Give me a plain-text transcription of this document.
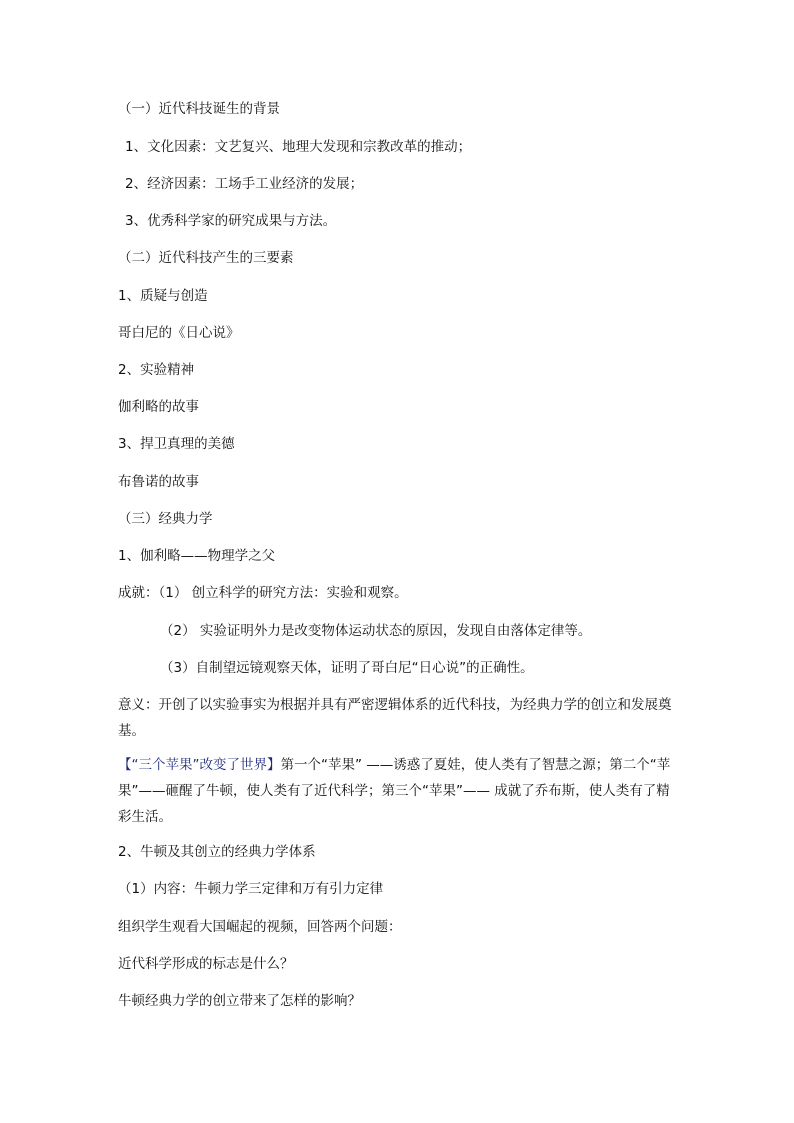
（一）近代科技诞生的背景
1、文化因素：文艺复兴、地理大发现和宗教改革的推动；
2、经济因素：工场手工业经济的发展；
3、优秀科学家的研究成果与方法。
（二）近代科技产生的三要素
1、质疑与创造
哥白尼的《日心说》
2、实验精神
伽利略的故事
3、捍卫真理的美德
布鲁诺的故事
（三）经典力学
1、伽利略——物理学之父
成就：（1） 创立科学的研究方法：实验和观察。
（2） 实验证明外力是改变物体运动状态的原因，发现自由落体定律等。
（3）自制望远镜观察天体，证明了哥白尼“日心说”的正确性。
意义：开创了以实验事实为根据并具有严密逻辑体系的近代科技，为经典力学的创立和发展奠基。
【“三个苹果”改变了世界】第一个“苹果” ——诱惑了夏娃，使人类有了智慧之源；第二个“苹果”——砸醒了牛顿，使人类有了近代科学；第三个“苹果”—— 成就了乔布斯，使人类有了精彩生活。
2、牛顿及其创立的经典力学体系
（1）内容：牛顿力学三定律和万有引力定律
组织学生观看大国崛起的视频，回答两个问题：
近代科学形成的标志是什么？
牛顿经典力学的创立带来了怎样的影响？
